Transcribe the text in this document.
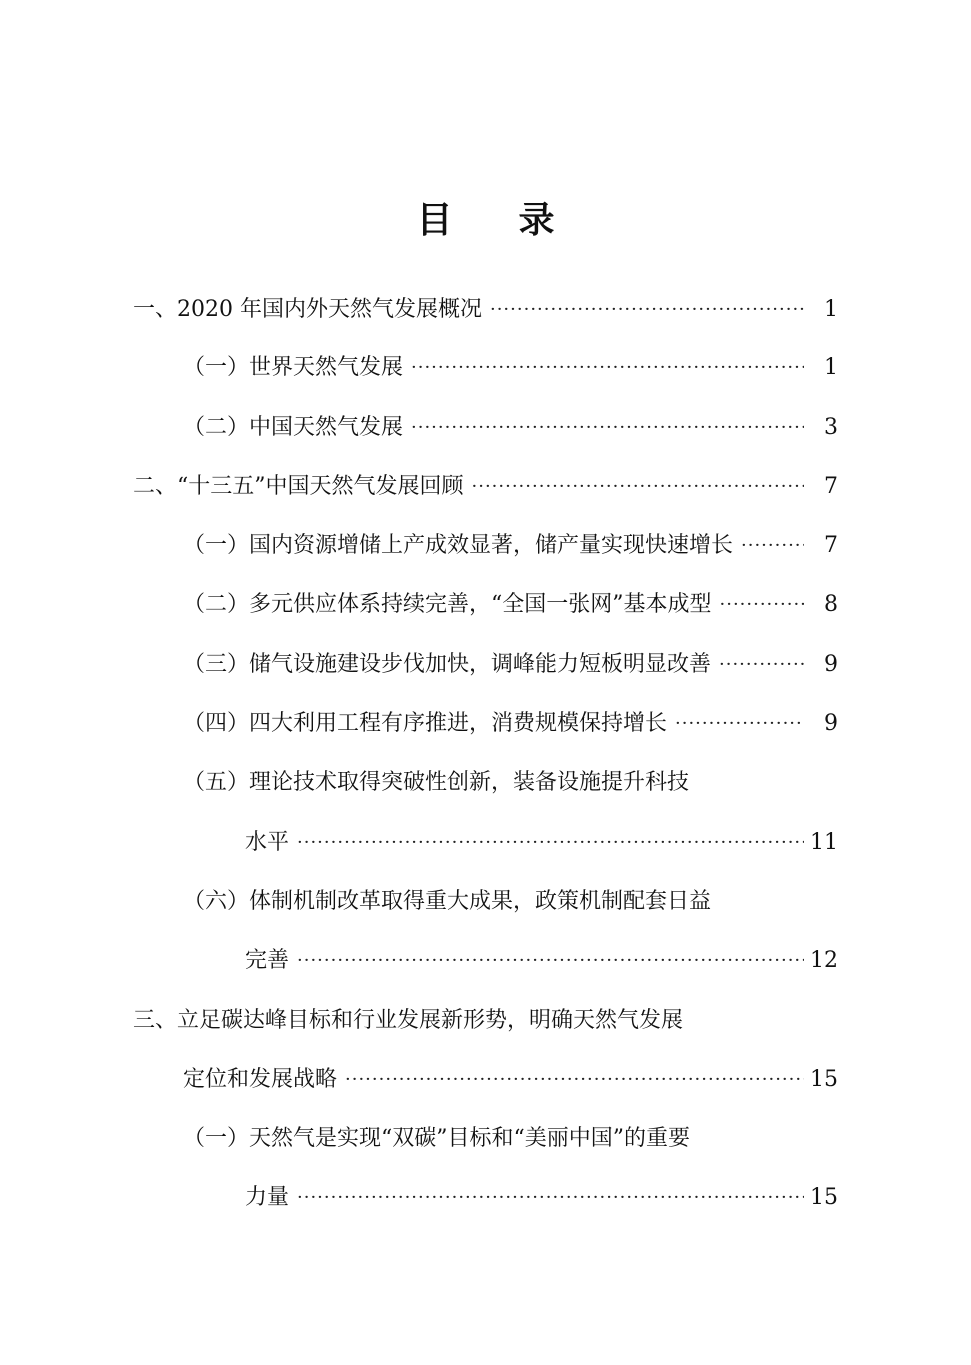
目 录
一、2020 年国内外天然气发展概况 ·····	1
（一）世界天然气发展 ·····	1
（二）中国天然气发展 ·····	3
二、“十三五”中国天然气发展回顾 ·····	7
（一）国内资源增储上产成效显著，储产量实现快速增长 ·····	7
（二）多元供应体系持续完善，“全国一张网”基本成型 ·····	8
（三）储气设施建设步伐加快，调峰能力短板明显改善 ·····	9
（四）四大利用工程有序推进，消费规模保持增长 ·····	9
（五）理论技术取得突破性创新，装备设施提升科技
水平 ·····	11
（六）体制机制改革取得重大成果，政策机制配套日益
完善 ·····	12
三、立足碳达峰目标和行业发展新形势，明确天然气发展
定位和发展战略 ·····	15
（一）天然气是实现“双碳”目标和“美丽中国”的重要
力量 ·····	15
